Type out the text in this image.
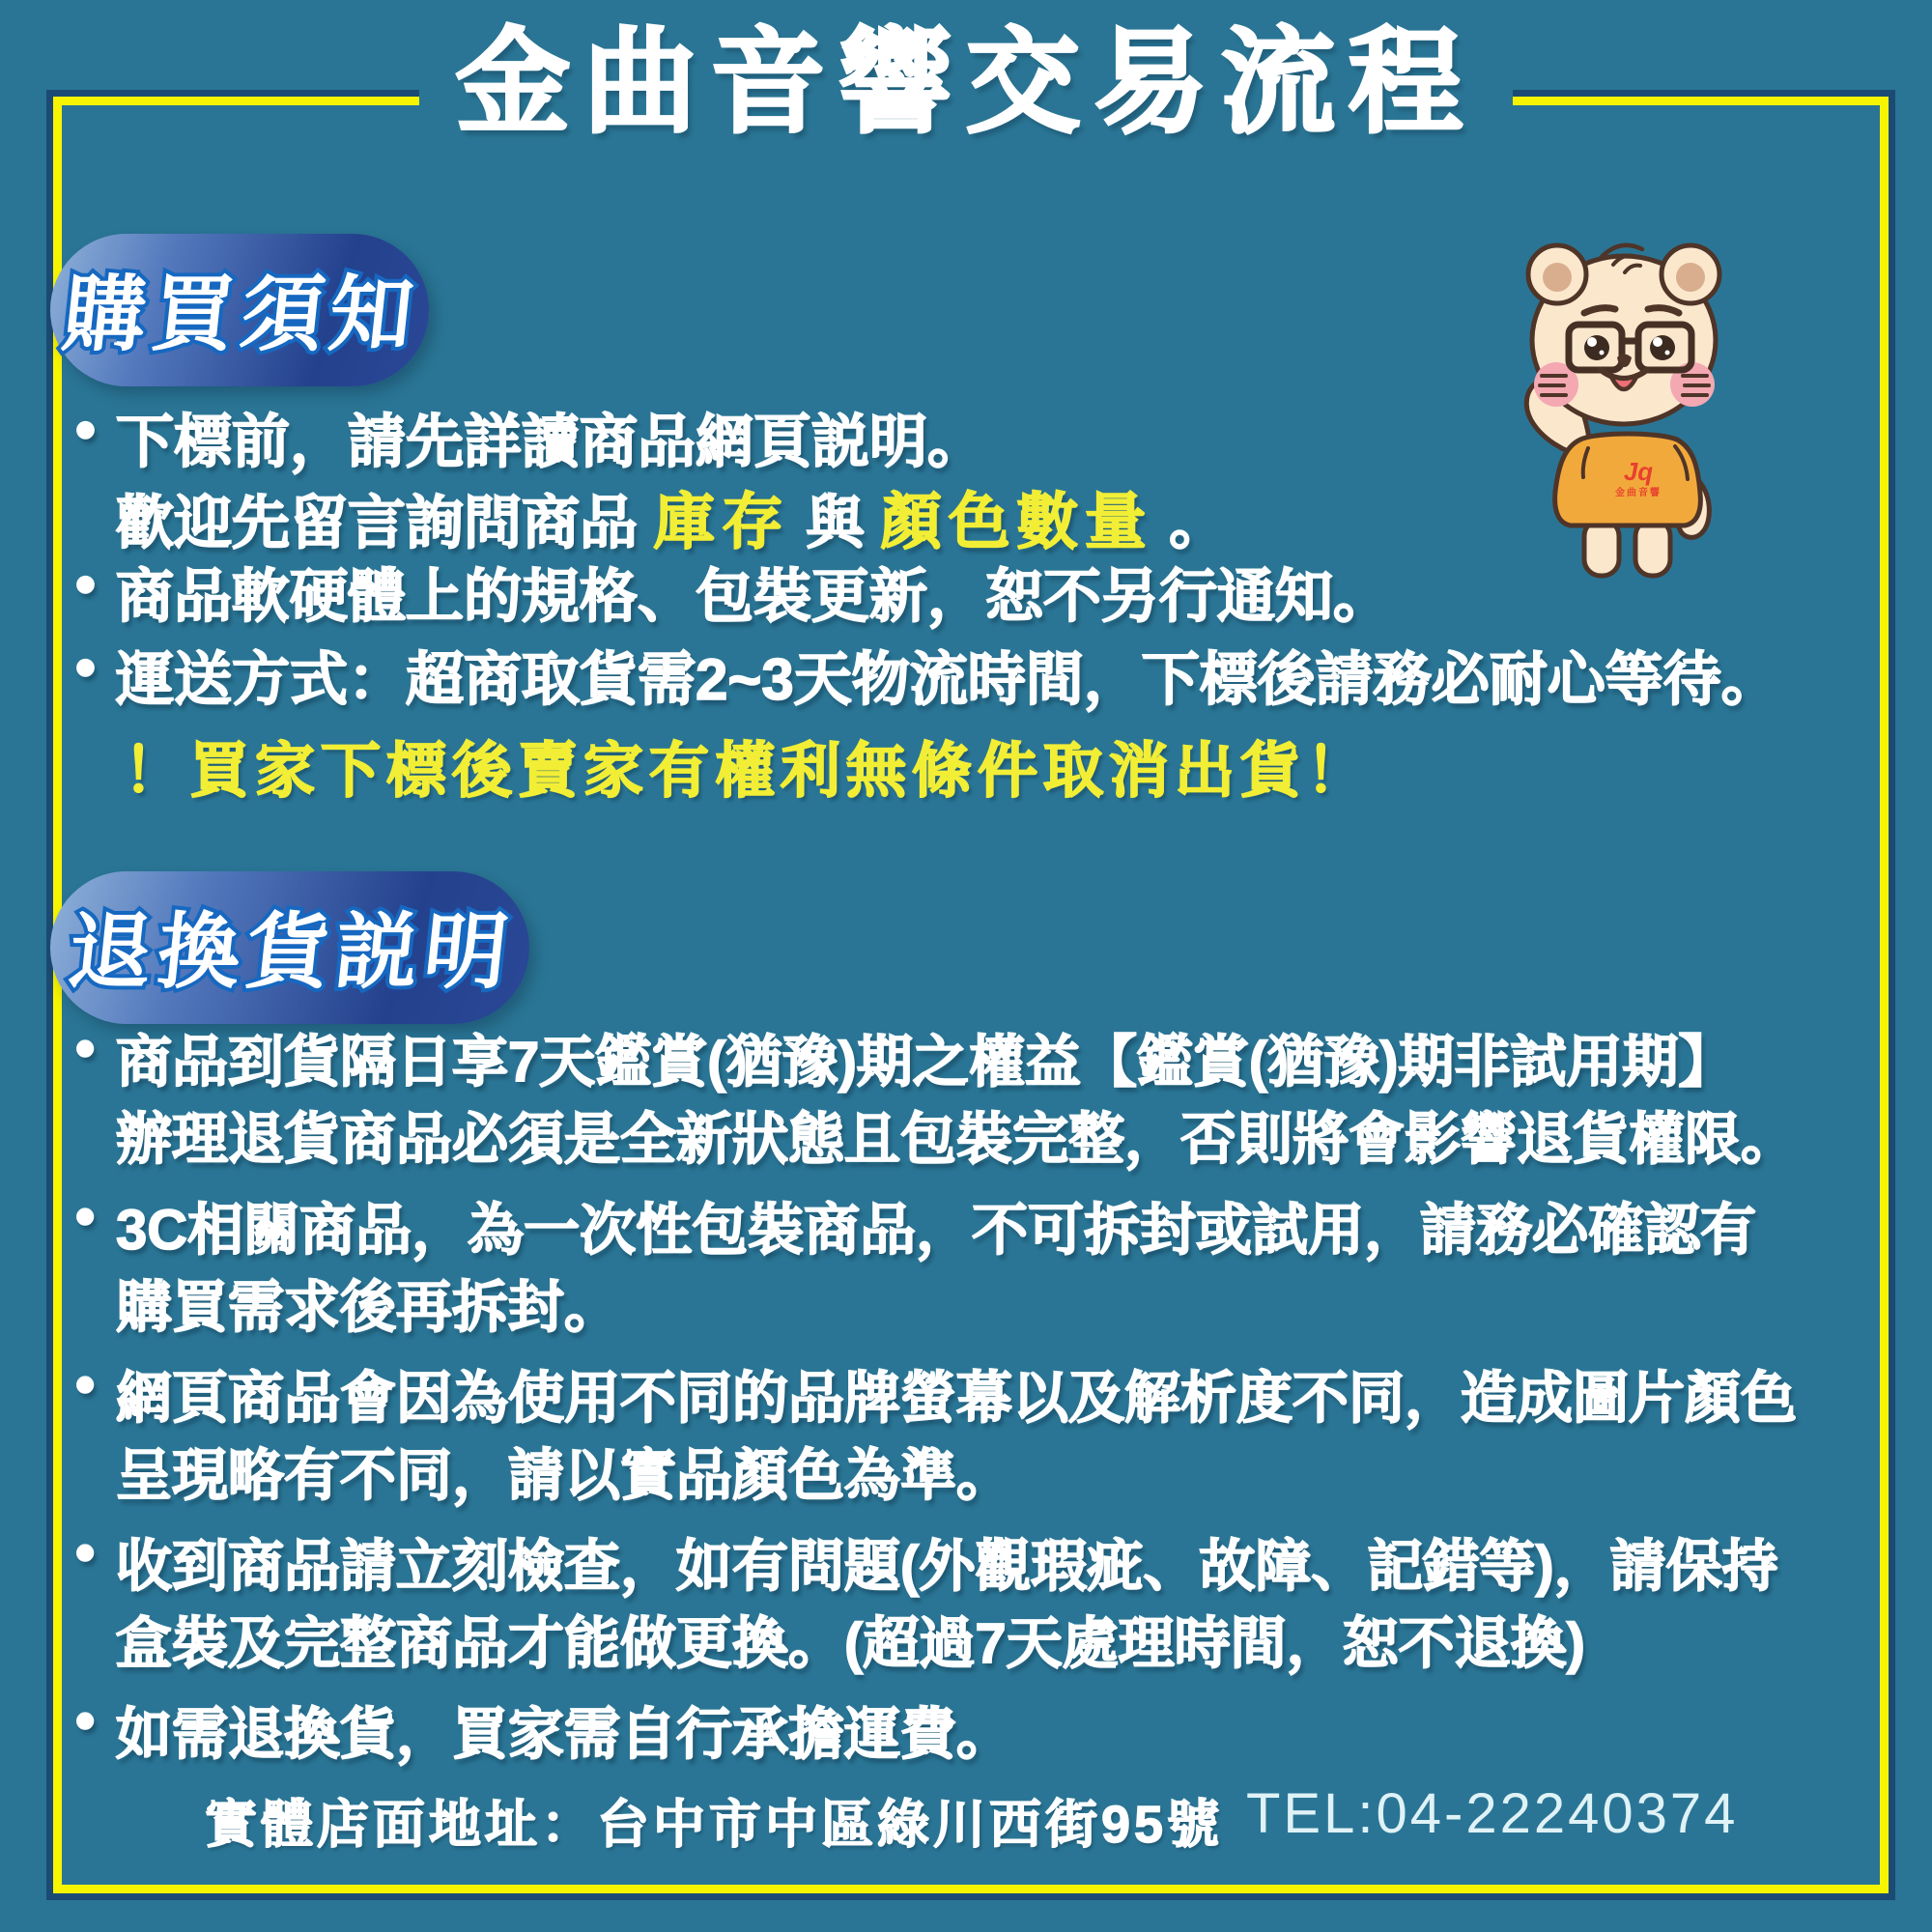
金曲音響交易流程
購買須知
• 下標前，請先詳讀商品網頁説明。
歡迎先留言詢問商品 庫存 與 顏色數量 。
• 商品軟硬體上的規格、包裝更新，恕不另行通知。
• 運送方式：超商取貨需2~3天物流時間，下標後請務必耐心等待。
！買家下標後賣家有權利無條件取消出貨！
退換貨説明
• 商品到貨隔日享7天鑑賞(猶豫)期之權益【鑑賞(猶豫)期非試用期】
辦理退貨商品必須是全新狀態且包裝完整，否則將會影響退貨權限。
• 3C相關商品，為一次性包裝商品，不可拆封或試用，請務必確認有
購買需求後再拆封。
• 網頁商品會因為使用不同的品牌螢幕以及解析度不同，造成圖片顏色
呈現略有不同，請以實品顏色為準。
• 收到商品請立刻檢查，如有問題(外觀瑕疵、故障、記錯等)，請保持
盒裝及完整商品才能做更換。(超過7天處理時間，恕不退換)
• 如需退換貨，買家需自行承擔運費。
實體店面地址：台中市中區綠川西街95號 TEL:04-22240374
Jq
金曲音響
